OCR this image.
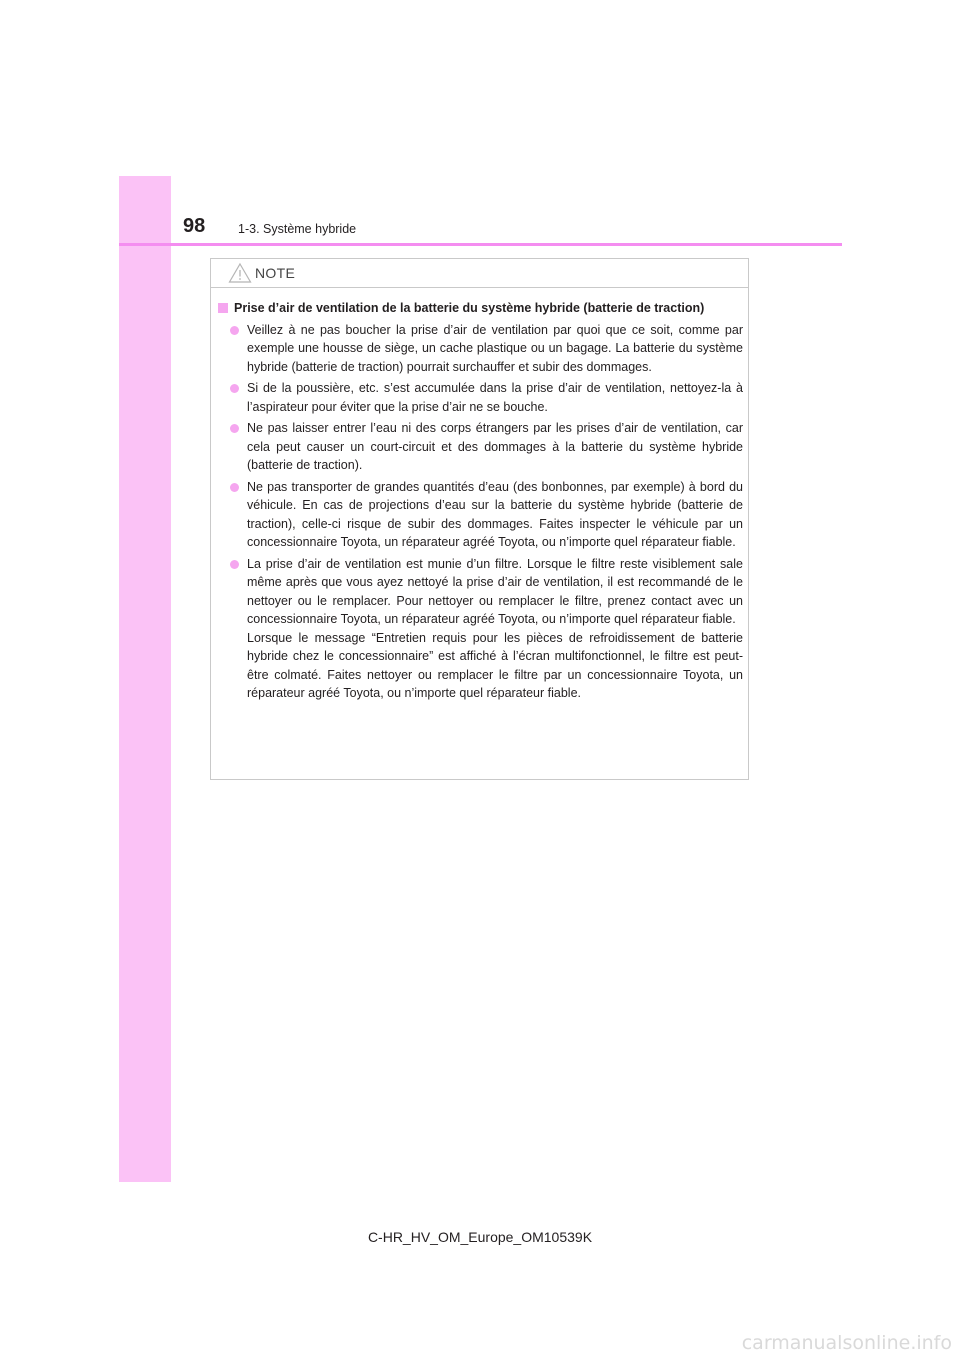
98	1-3. Système hybride
NOTE
Prise d’air de ventilation de la batterie du système hybride (batterie de traction)
Veillez à ne pas boucher la prise d’air de ventilation par quoi que ce soit, comme par exemple une housse de siège, un cache plastique ou un bagage. La batterie du système hybride (batterie de traction) pourrait surchauffer et subir des dommages.
Si de la poussière, etc. s’est accumulée dans la prise d’air de ventilation, nettoyez-la à l’aspirateur pour éviter que la prise d’air ne se bouche.
Ne pas laisser entrer l’eau ni des corps étrangers par les prises d’air de ventilation, car cela peut causer un court-circuit et des dommages à la batterie du système hybride (batterie de traction).
Ne pas transporter de grandes quantités d’eau (des bonbonnes, par exemple) à bord du véhicule. En cas de projections d’eau sur la batterie du système hybride (batterie de traction), celle-ci risque de subir des dommages. Faites inspecter le véhicule par un concessionnaire Toyota, un réparateur agréé Toyota, ou n’importe quel réparateur fiable.

La prise d’air de ventilation est munie d’un filtre. Lorsque le filtre reste visiblement sale même après que vous ayez nettoyé la prise d’air de ventilation, il est recommandé de le nettoyer ou le remplacer. Pour nettoyer ou remplacer le filtre, prenez contact avec un concessionnaire Toyota, un réparateur agréé Toyota, ou n’importe quel réparateur fiable.

Lorsque le message “Entretien requis pour les pièces de refroidissement de batterie hybride chez le concessionnaire” est affiché à l’écran multifonctionnel, le filtre est peut-être colmaté. Faites nettoyer ou remplacer le filtre par un concessionnaire Toyota, un réparateur agréé Toyota, ou n’importe quel réparateur fiable.

C-HR_HV_OM_Europe_OM10539K
carmanualsonline.info
